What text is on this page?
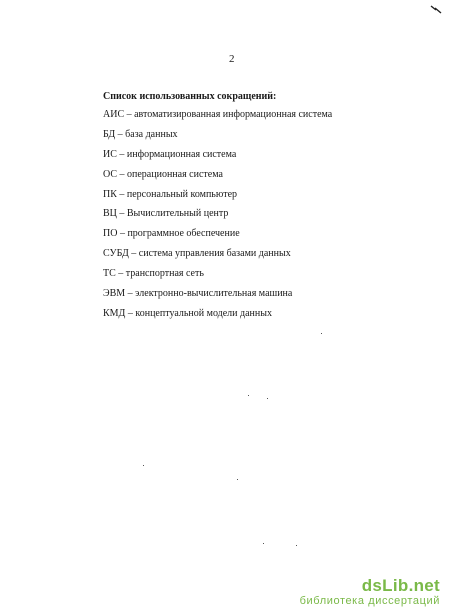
2
Список использованных сокращений:
АИС – автоматизированная информационная система
БД – база данных
ИС – информационная система
ОС – операционная система
ПК – персональный компьютер
ВЦ – Вычислительный центр
ПО – программное обеспечение
СУБД – система управления базами данных
ТС – транспортная сеть
ЭВМ – электронно-вычислительная машина
КМД – концептуальной модели данных
dsLib.net
библиотека диссертаций
